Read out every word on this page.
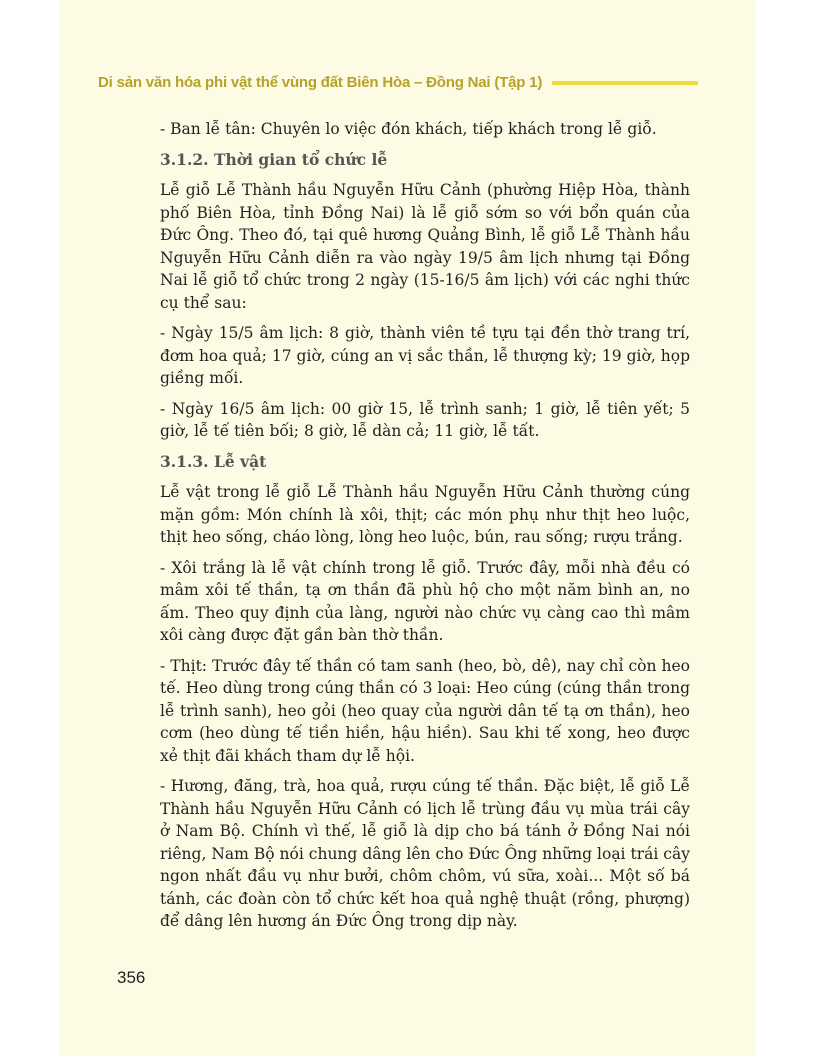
Di sản văn hóa phi vật thể vùng đất Biên Hòa – Đồng Nai (Tập 1)

- Ban lễ tân: Chuyên lo việc đón khách, tiếp khách trong lễ giỗ.

3.1.2. Thời gian tổ chức lễ

Lễ giỗ Lễ Thành hầu Nguyễn Hữu Cảnh (phường Hiệp Hòa, thành phố Biên Hòa, tỉnh Đồng Nai) là lễ giỗ sớm so với bổn quán của Đức Ông. Theo đó, tại quê hương Quảng Bình, lễ giỗ Lễ Thành hầu Nguyễn Hữu Cảnh diễn ra vào ngày 19/5 âm lịch nhưng tại Đồng Nai lễ giỗ tổ chức trong 2 ngày (15-16/5 âm lịch) với các nghi thức cụ thể sau:

- Ngày 15/5 âm lịch: 8 giờ, thành viên tề tựu tại đền thờ trang trí, đơm hoa quả; 17 giờ, cúng an vị sắc thần, lễ thượng kỳ; 19 giờ, họp giềng mối.

- Ngày 16/5 âm lịch: 00 giờ 15, lễ trình sanh; 1 giờ, lễ tiên yết; 5 giờ, lễ tế tiên bối; 8 giờ, lễ dàn cả; 11 giờ, lễ tất.

3.1.3. Lễ vật

Lễ vật trong lễ giỗ Lễ Thành hầu Nguyễn Hữu Cảnh thường cúng mặn gồm: Món chính là xôi, thịt; các món phụ như thịt heo luộc, thịt heo sống, cháo lòng, lòng heo luộc, bún, rau sống; rượu trắng.

- Xôi trắng là lễ vật chính trong lễ giỗ. Trước đây, mỗi nhà đều có mâm xôi tế thần, tạ ơn thần đã phù hộ cho một năm bình an, no ấm. Theo quy định của làng, người nào chức vụ càng cao thì mâm xôi càng được đặt gần bàn thờ thần.

- Thịt: Trước đây tế thần có tam sanh (heo, bò, dê), nay chỉ còn heo tế. Heo dùng trong cúng thần có 3 loại: Heo cúng (cúng thần trong lễ trình sanh), heo gỏi (heo quay của người dân tế tạ ơn thần), heo cơm (heo dùng tế tiền hiền, hậu hiền). Sau khi tế xong, heo được xẻ thịt đãi khách tham dự lễ hội.

- Hương, đăng, trà, hoa quả, rượu cúng tế thần. Đặc biệt, lễ giỗ Lễ Thành hầu Nguyễn Hữu Cảnh có lịch lễ trùng đầu vụ mùa trái cây ở Nam Bộ. Chính vì thế, lễ giỗ là dịp cho bá tánh ở Đồng Nai nói riêng, Nam Bộ nói chung dâng lên cho Đức Ông những loại trái cây ngon nhất đầu vụ như bưởi, chôm chôm, vú sữa, xoài... Một số bá tánh, các đoàn còn tổ chức kết hoa quả nghệ thuật (rồng, phượng) để dâng lên hương án Đức Ông trong dịp này.

356
